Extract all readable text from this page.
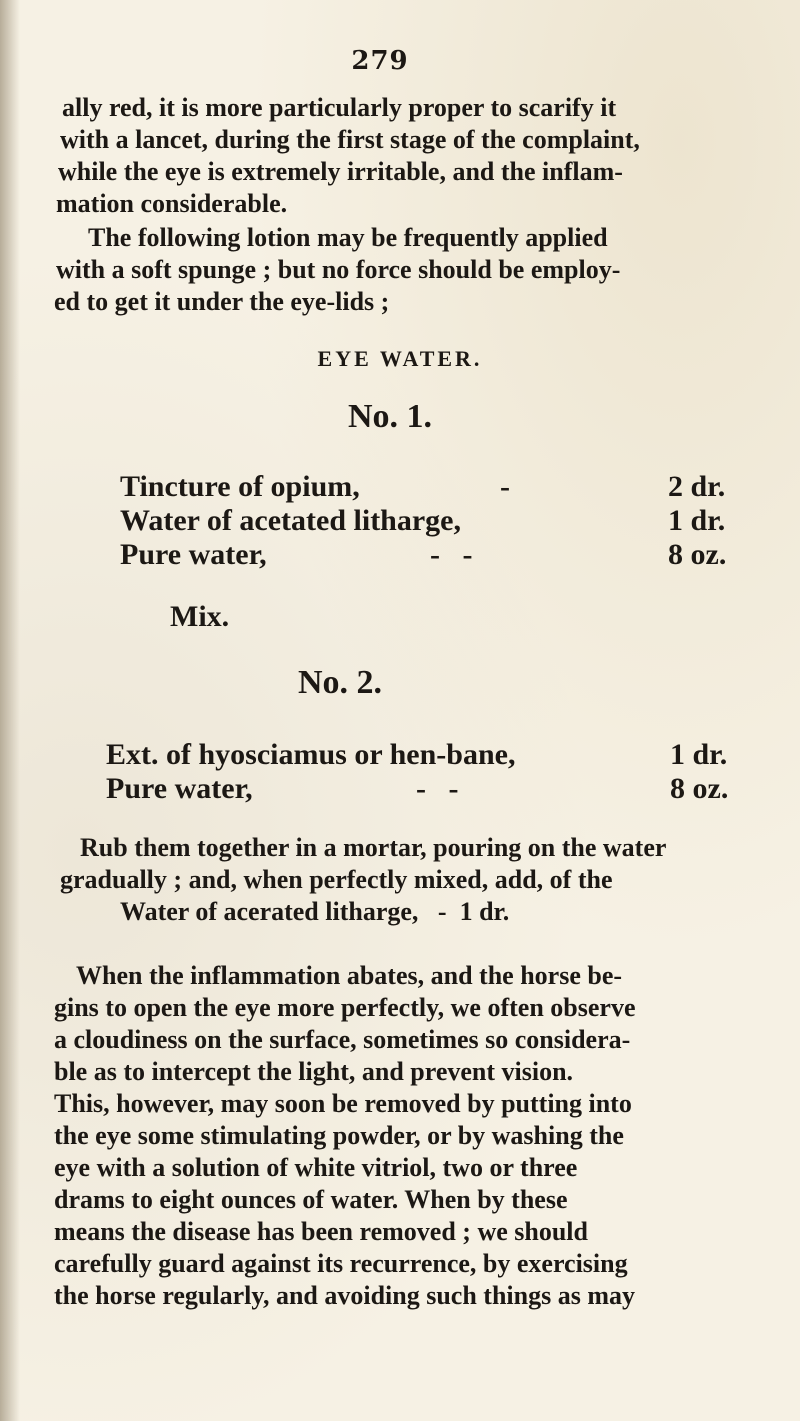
279
ally red, it is more particularly proper to scarify it
with a lancet, during the first stage of the complaint,
while the eye is extremely irritable, and the inflam-
mation considerable.
The following lotion may be frequently applied
with a soft spunge ; but no force should be employ-
ed to get it under the eye-lids ;
EYE WATER.
No. 1.
Tincture of opium,	-	2 dr.
Water of acetated litharge,	1 dr.
Pure water,	-   -	8 oz.
Mix.
No. 2.
Ext. of hyosciamus or hen-bane,	1 dr.
Pure water,	-   -	8 oz.
Rub them together in a mortar, pouring on the water
gradually ; and, when perfectly mixed, add, of the
Water of acerated litharge,   -  1 dr.
When the inflammation abates, and the horse be-
gins to open the eye more perfectly, we often observe
a cloudiness on the surface, sometimes so considera-
ble as to intercept the light, and prevent vision.
This, however, may soon be removed by putting into
the eye some stimulating powder, or by washing the
eye with a solution of white vitriol, two or three
drams to eight ounces of water. When by these
means the disease has been removed ; we should
carefully guard against its recurrence, by exercising
the horse regularly, and avoiding such things as may
